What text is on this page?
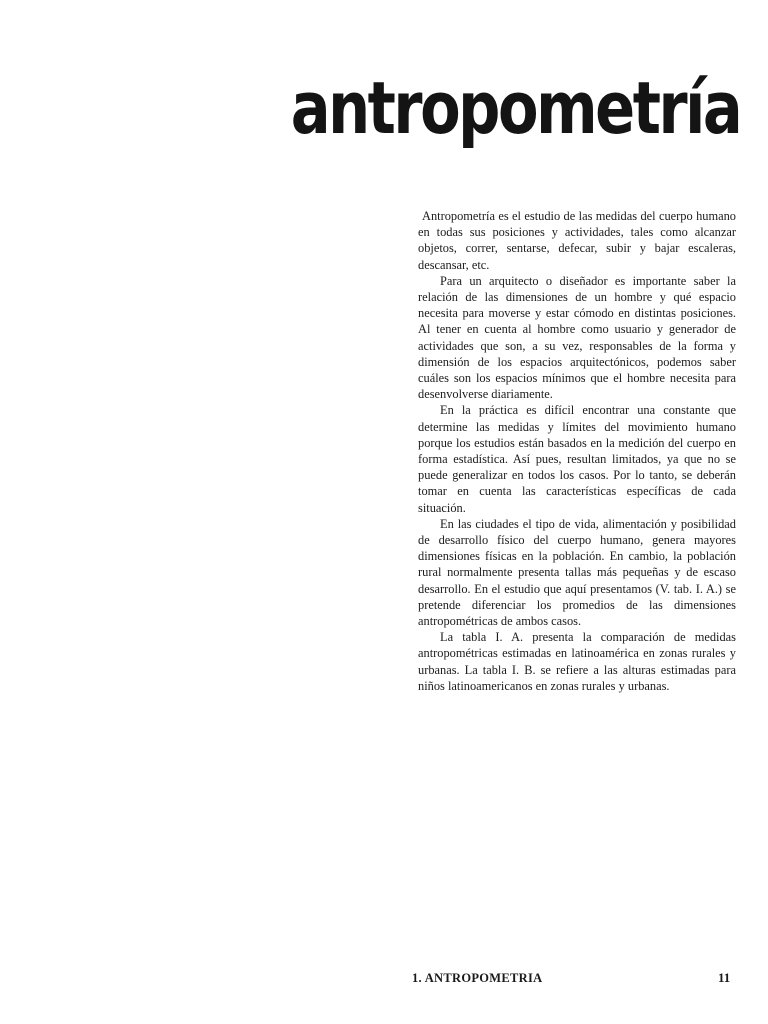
antropometría

Antropometría es el estudio de las medidas del cuerpo humano en todas sus posiciones y actividades, tales como alcanzar objetos, correr, sentarse, defecar, subir y bajar escaleras, descansar, etc.

Para un arquitecto o diseñador es importante saber la relación de las dimensiones de un hombre y qué espacio necesita para moverse y estar cómodo en distintas posiciones. Al tener en cuenta al hombre como usuario y generador de actividades que son, a su vez, responsables de la forma y dimensión de los espacios arquitectónicos, podemos saber cuáles son los espacios mínimos que el hombre necesita para desenvolverse diariamente.

En la práctica es difícil encontrar una constante que determine las medidas y límites del movimiento humano porque los estudios están basados en la medición del cuerpo en forma estadística. Así pues, resultan limitados, ya que no se puede generalizar en todos los casos. Por lo tanto, se deberán tomar en cuenta las características específicas de cada situación.

En las ciudades el tipo de vida, alimentación y posibilidad de desarrollo físico del cuerpo humano, genera mayores dimensiones físicas en la población. En cambio, la población rural normalmente presenta tallas más pequeñas y de escaso desarrollo. En el estudio que aquí presentamos (V. tab. I. A.) se pretende diferenciar los promedios de las dimensiones antropométricas de ambos casos.

La tabla I. A. presenta la comparación de medidas antropométricas estimadas en latinoamérica en zonas rurales y urbanas. La tabla I. B. se refiere a las alturas estimadas para niños latinoamericanos en zonas rurales y urbanas.

1. ANTROPOMETRIA	11
